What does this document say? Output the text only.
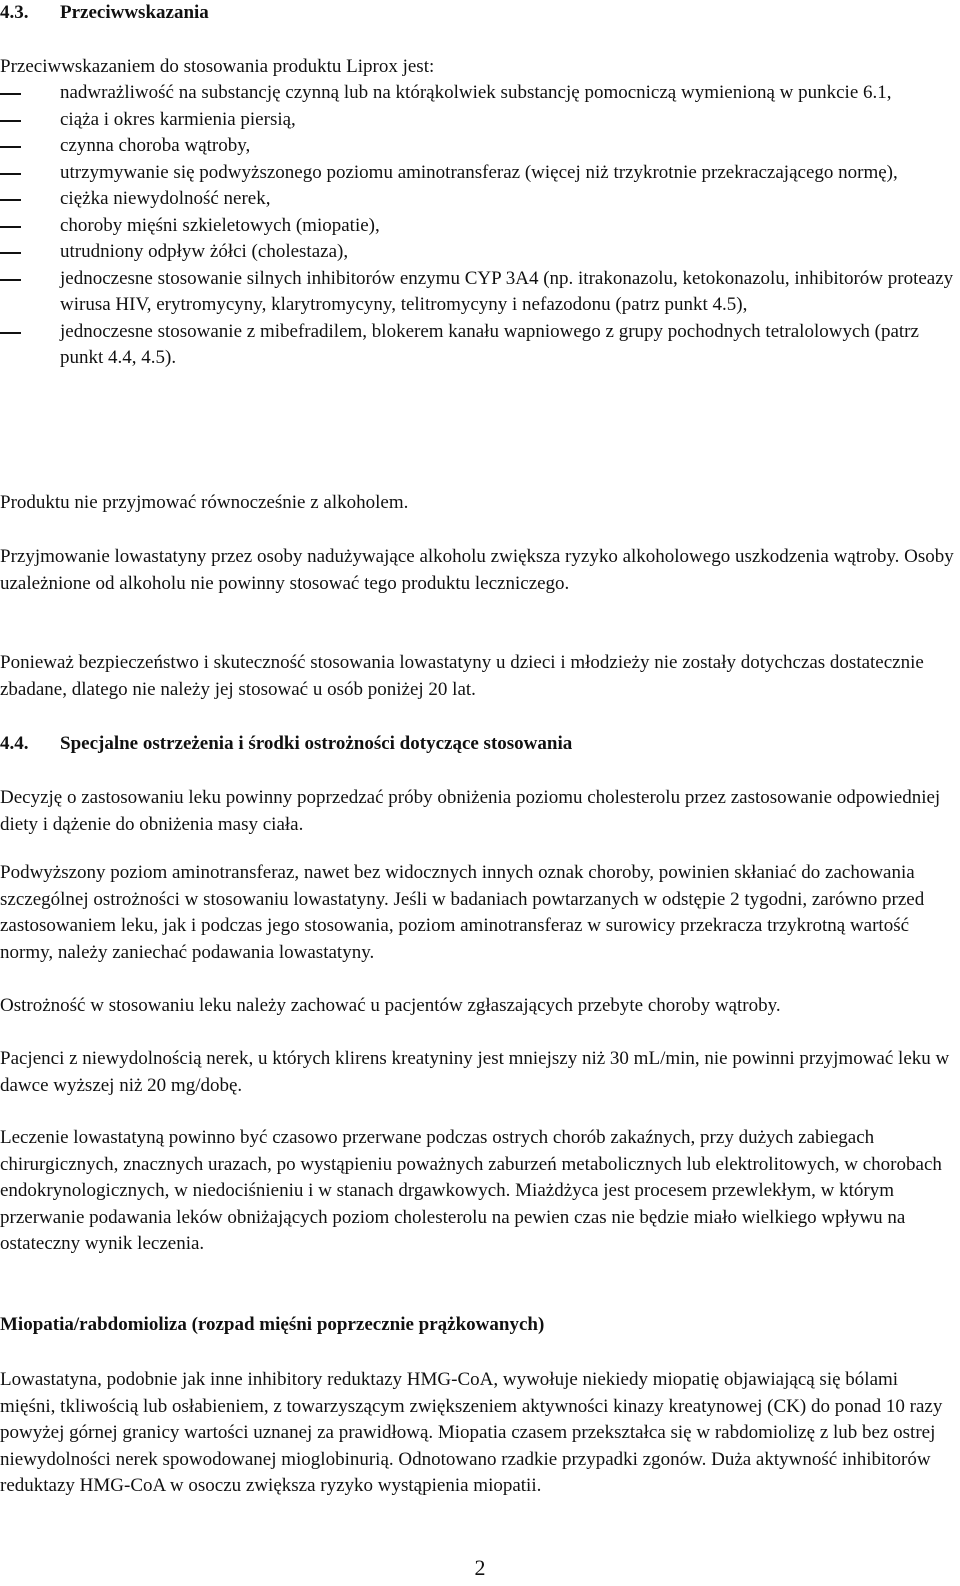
4.3. Przeciwwskazania

Przeciwwskazaniem do stosowania produktu Liprox jest:

nadwrażliwość na substancję czynną lub na którąkolwiek substancję pomocniczą wymienioną w punkcie 6.1,
ciąża i okres karmienia piersią,
czynna choroba wątroby,
utrzymywanie się podwyższonego poziomu aminotransferaz (więcej niż trzykrotnie przekraczającego normę),
ciężka niewydolność nerek,
choroby mięśni szkieletowych (miopatie),
utrudniony odpływ żółci (cholestaza),
jednoczesne stosowanie silnych inhibitorów enzymu CYP 3A4 (np. itrakonazolu, ketokonazolu, inhibitorów proteazy wirusa HIV, erytromycyny, klarytromycyny, telitromycyny i nefazodonu (patrz punkt 4.5),
jednoczesne stosowanie z mibefradilem, blokerem kanału wapniowego z grupy pochodnych tetralolowych (patrz punkt 4.4, 4.5).

Produktu nie przyjmować równocześnie z alkoholem.

Przyjmowanie lowastatyny przez osoby nadużywające alkoholu zwiększa ryzyko alkoholowego uszkodzenia wątroby. Osoby uzależnione od alkoholu nie powinny stosować tego produktu leczniczego.

Ponieważ bezpieczeństwo i skuteczność stosowania lowastatyny u dzieci i młodzieży nie zostały dotychczas dostatecznie zbadane, dlatego nie należy jej stosować u osób poniżej 20 lat.

4.4. Specjalne ostrzeżenia i środki ostrożności dotyczące stosowania

Decyzję o zastosowaniu leku powinny poprzedzać próby obniżenia poziomu cholesterolu przez zastosowanie odpowiedniej diety i dążenie do obniżenia masy ciała.

Podwyższony poziom aminotransferaz, nawet bez widocznych innych oznak choroby, powinien skłaniać do zachowania szczególnej ostrożności w stosowaniu lowastatyny. Jeśli w badaniach powtarzanych w odstępie 2 tygodni, zarówno przed zastosowaniem leku, jak i podczas jego stosowania, poziom aminotransferaz w surowicy przekracza trzykrotną wartość normy, należy zaniechać podawania lowastatyny.

Ostrożność w stosowaniu leku należy zachować u pacjentów zgłaszających przebyte choroby wątroby.

Pacjenci z niewydolnością nerek, u których klirens kreatyniny jest mniejszy niż 30 mL/min, nie powinni przyjmować leku w dawce wyższej niż 20 mg/dobę.

Leczenie lowastatyną powinno być czasowo przerwane podczas ostrych chorób zakaźnych, przy dużych zabiegach chirurgicznych, znacznych urazach, po wystąpieniu poważnych zaburzeń metabolicznych lub elektrolitowych, w chorobach endokrynologicznych, w niedociśnieniu i w stanach drgawkowych. Miażdżyca jest procesem przewlekłym, w którym przerwanie podawania leków obniżających poziom cholesterolu na pewien czas nie będzie miało wielkiego wpływu na ostateczny wynik leczenia.

Miopatia/rabdomioliza (rozpad mięśni poprzecznie prążkowanych)

Lowastatyna, podobnie jak inne inhibitory reduktazy HMG-CoA, wywołuje niekiedy miopatię objawiającą się bólami mięśni, tkliwością lub osłabieniem, z towarzyszącym zwiększeniem aktywności kinazy kreatynowej (CK) do ponad 10 razy powyżej górnej granicy wartości uznanej za prawidłową. Miopatia czasem przekształca się w rabdomiolizę z lub bez ostrej niewydolności nerek spowodowanej mioglobinurią. Odnotowano rzadkie przypadki zgonów. Duża aktywność inhibitorów reduktazy HMG-CoA w osoczu zwiększa ryzyko wystąpienia miopatii.

2
